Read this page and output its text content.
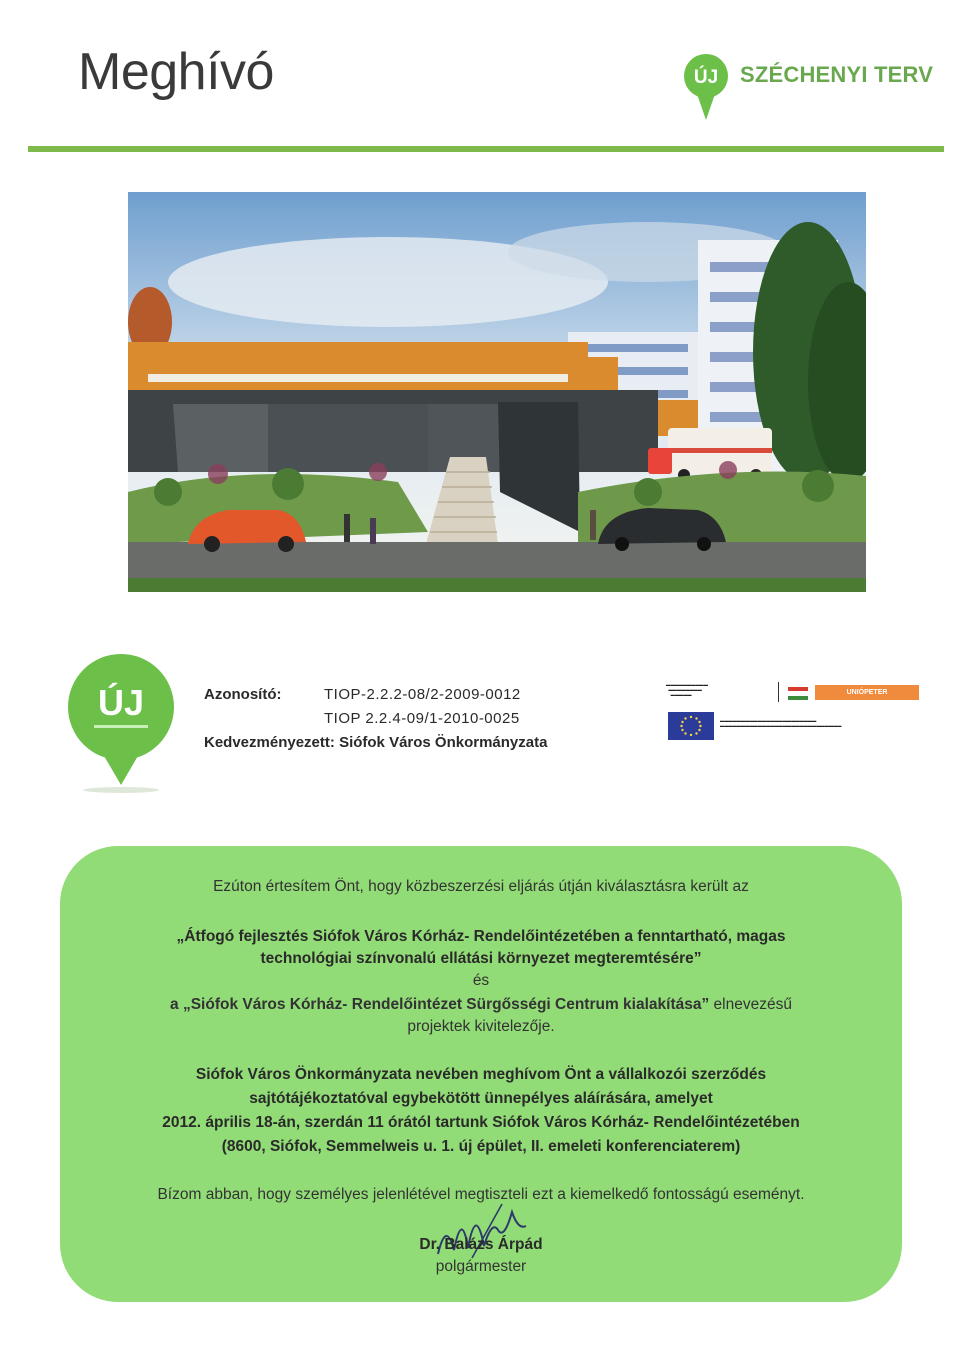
Meghívó	ÚJ SZÉCHENYI TERV
ÚJ	Azonosító:	TIOP-2.2.2-08/2-2009-0012
TIOP 2.2.4-09/1-2010-0025
Kedvezményezett: Siófok Város Önkormányzata
▬▬▬▬▬▬▬▬▬▬
▬▬▬▬▬▬▬▬
▬▬▬▬▬	UNIÓPETER
▬▬▬▬▬▬▬▬▬▬▬▬▬▬▬▬▬▬▬▬▬▬▬
▬▬▬▬▬▬▬▬▬▬▬▬▬▬▬▬▬▬▬▬▬▬▬▬▬▬▬▬▬
Ezúton értesítem Önt, hogy közbeszerzési eljárás útján kiválasztásra került az
„Átfogó fejlesztés Siófok Város Kórház- Rendelőintézetében a fenntartható, magas
technológiai színvonalú ellátási környezet megteremtésére”
és
a „Siófok Város Kórház- Rendelőintézet Sürgősségi Centrum kialakítása” elnevezésű
projektek kivitelezője.
Siófok Város Önkormányzata nevében meghívom Önt a vállalkozói szerződés
sajtótájékoztatóval egybekötött ünnepélyes aláírására, amelyet
2012. április 18-án, szerdán 11 órától tartunk Siófok Város Kórház- Rendelőintézetében
(8600, Siófok, Semmelweis u. 1. új épület, II. emeleti konferenciaterem)
Bízom abban, hogy személyes jelenlétével megtiszteli ezt a kiemelkedő fontosságú eseményt.
Dr. Balázs Árpád
polgármester
